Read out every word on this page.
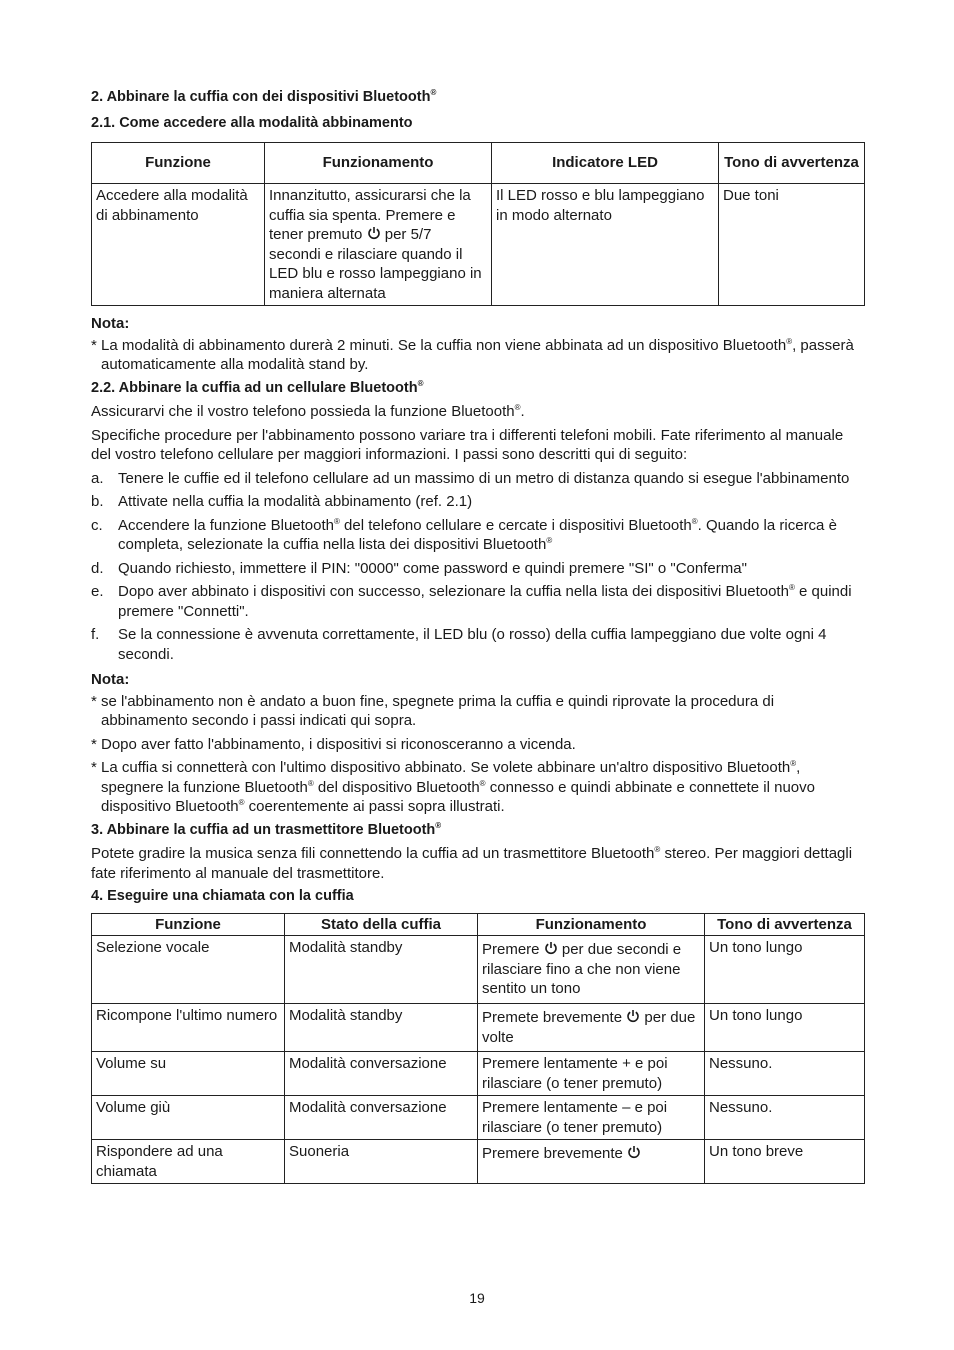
2. Abbinare la cuffia con dei dispositivi Bluetooth®
2.1. Come accedere alla modalità abbinamento
Funzione	Funzionamento	Indicatore LED	Tono di avvertenza
Accedere alla modalità di abbinamento	Innanzitutto, assicurarsi che la cuffia sia spenta. Premere e tener premuto per 5/7 secondi e rilasciare quando il LED blu e rosso lampeggiano in maniera alternata	Il LED rosso e blu lampeggiano in modo alternato	Due toni
Nota:

* La modalità di abbinamento durerà 2 minuti. Se la cuffia non viene abbinata ad un dispositivo Bluetooth®, passerà automaticamente alla modalità stand by.

2.2. Abbinare la cuffia ad un cellulare Bluetooth®

Assicurarvi che il vostro telefono possieda la funzione Bluetooth®.

Specifiche procedure per l'abbinamento possono variare tra i differenti telefoni mobili. Fate riferimento al manuale del vostro telefono cellulare per maggiori informazioni. I passi sono descritti qui di seguito:

a. Tenere le cuffie ed il telefono cellulare ad un massimo di un metro di distanza quando si esegue l'abbinamento
b. Attivate nella cuffia la modalità abbinamento (ref. 2.1)
c. Accendere la funzione Bluetooth® del telefono cellulare e cercate i dispositivi Bluetooth®. Quando la ricerca è completa, selezionate la cuffia nella lista dei dispositivi Bluetooth®
d. Quando richiesto, immettere il PIN: "0000" come password e quindi premere "SI" o "Conferma"
e. Dopo aver abbinato i dispositivi con successo, selezionare la cuffia nella lista dei dispositivi Bluetooth® e quindi premere "Connetti".
f. Se la connessione è avvenuta correttamente, il LED blu (o rosso) della cuffia lampeggiano due volte ogni 4 secondi.
Nota:

* se l'abbinamento non è andato a buon fine, spegnete prima la cuffia e quindi riprovate la procedura di abbinamento secondo i passi indicati qui sopra.

* Dopo aver fatto l'abbinamento, i dispositivi si riconosceranno a vicenda.

* La cuffia si connetterà con l'ultimo dispositivo abbinato. Se volete abbinare un'altro dispositivo Bluetooth®, spegnere la funzione Bluetooth® del dispositivo Bluetooth® connesso e quindi abbinate e connettete il nuovo dispositivo Bluetooth® coerentemente ai passi sopra illustrati.

3. Abbinare la cuffia ad un trasmettitore Bluetooth®

Potete gradire la musica senza fili connettendo la cuffia ad un trasmettitore Bluetooth® stereo. Per maggiori dettagli fate riferimento al manuale del trasmettitore.

4. Eseguire una chiamata con la cuffia
Funzione	Stato della cuffia	Funzionamento	Tono di avvertenza
Selezione vocale	Modalità standby	Premere per due secondi e rilasciare fino a che non viene sentito un tono	Un tono lungo
Ricompone l'ultimo numero	Modalità standby	Premete brevemente per due volte	Un tono lungo
Volume su	Modalità conversazione	Premere lentamente + e poi rilasciare (o tener premuto)	Nessuno.
Volume giù	Modalità conversazione	Premere lentamente – e poi rilasciare (o tener premuto)	Nessuno.
Rispondere ad una chiamata	Suoneria	Premere brevemente	Un tono breve
19
